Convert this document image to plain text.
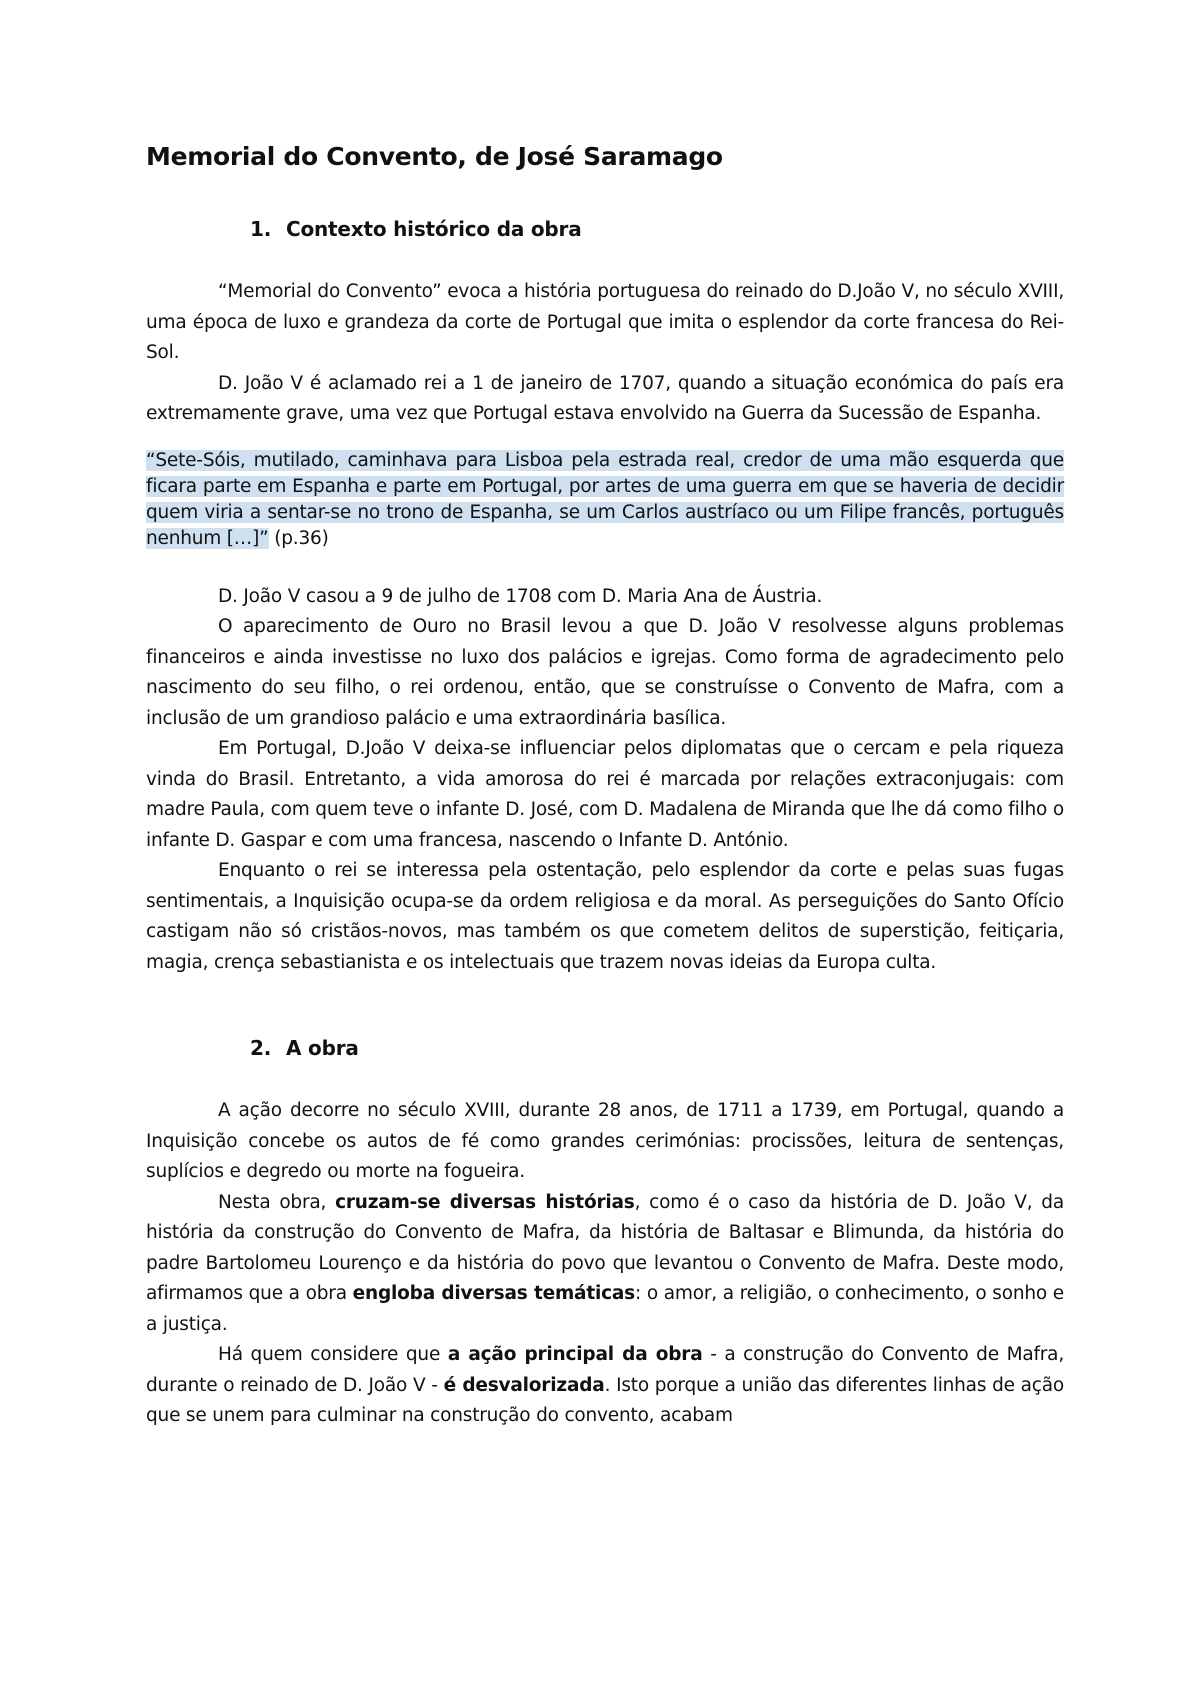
Memorial do Convento, de José Saramago
1. Contexto histórico da obra

“Memorial do Convento” evoca a história portuguesa do reinado do D.João V, no século XVIII, uma época de luxo e grandeza da corte de Portugal que imita o esplendor da corte francesa do Rei-Sol.

D. João V é aclamado rei a 1 de janeiro de 1707, quando a situação económica do país era extremamente grave, uma vez que Portugal estava envolvido na Guerra da Sucessão de Espanha.

“Sete-Sóis, mutilado, caminhava para Lisboa pela estrada real, credor de uma mão esquerda que ficara parte em Espanha e parte em Portugal, por artes de uma guerra em que se haveria de decidir quem viria a sentar-se no trono de Espanha, se um Carlos austríaco ou um Filipe francês, português nenhum […]” (p.36)

D. João V casou a 9 de julho de 1708 com D. Maria Ana de Áustria.

O aparecimento de Ouro no Brasil levou a que D. João V resolvesse alguns problemas financeiros e ainda investisse no luxo dos palácios e igrejas. Como forma de agradecimento pelo nascimento do seu filho, o rei ordenou, então, que se construísse o Convento de Mafra, com a inclusão de um grandioso palácio e uma extraordinária basílica.

Em Portugal, D.João V deixa-se influenciar pelos diplomatas que o cercam e pela riqueza vinda do Brasil. Entretanto, a vida amorosa do rei é marcada por relações extraconjugais: com madre Paula, com quem teve o infante D. José, com D. Madalena de Miranda que lhe dá como filho o infante D. Gaspar e com uma francesa, nascendo o Infante D. António.

Enquanto o rei se interessa pela ostentação, pelo esplendor da corte e pelas suas fugas sentimentais, a Inquisição ocupa-se da ordem religiosa e da moral. As perseguições do Santo Ofício castigam não só cristãos-novos, mas também os que cometem delitos de superstição, feitiçaria, magia, crença sebastianista e os intelectuais que trazem novas ideias da Europa culta.

2. A obra

A ação decorre no século XVIII, durante 28 anos, de 1711 a 1739, em Portugal, quando a Inquisição concebe os autos de fé como grandes cerimónias: procissões, leitura de sentenças, suplícios e degredo ou morte na fogueira.

Nesta obra, cruzam-se diversas histórias, como é o caso da história de D. João V, da história da construção do Convento de Mafra, da história de Baltasar e Blimunda, da história do padre Bartolomeu Lourenço e da história do povo que levantou o Convento de Mafra. Deste modo, afirmamos que a obra engloba diversas temáticas: o amor, a religião, o conhecimento, o sonho e a justiça.

Há quem considere que a ação principal da obra - a construção do Convento de Mafra, durante o reinado de D. João V - é desvalorizada. Isto porque a união das diferentes linhas de ação que se unem para culminar na construção do convento, acabam
